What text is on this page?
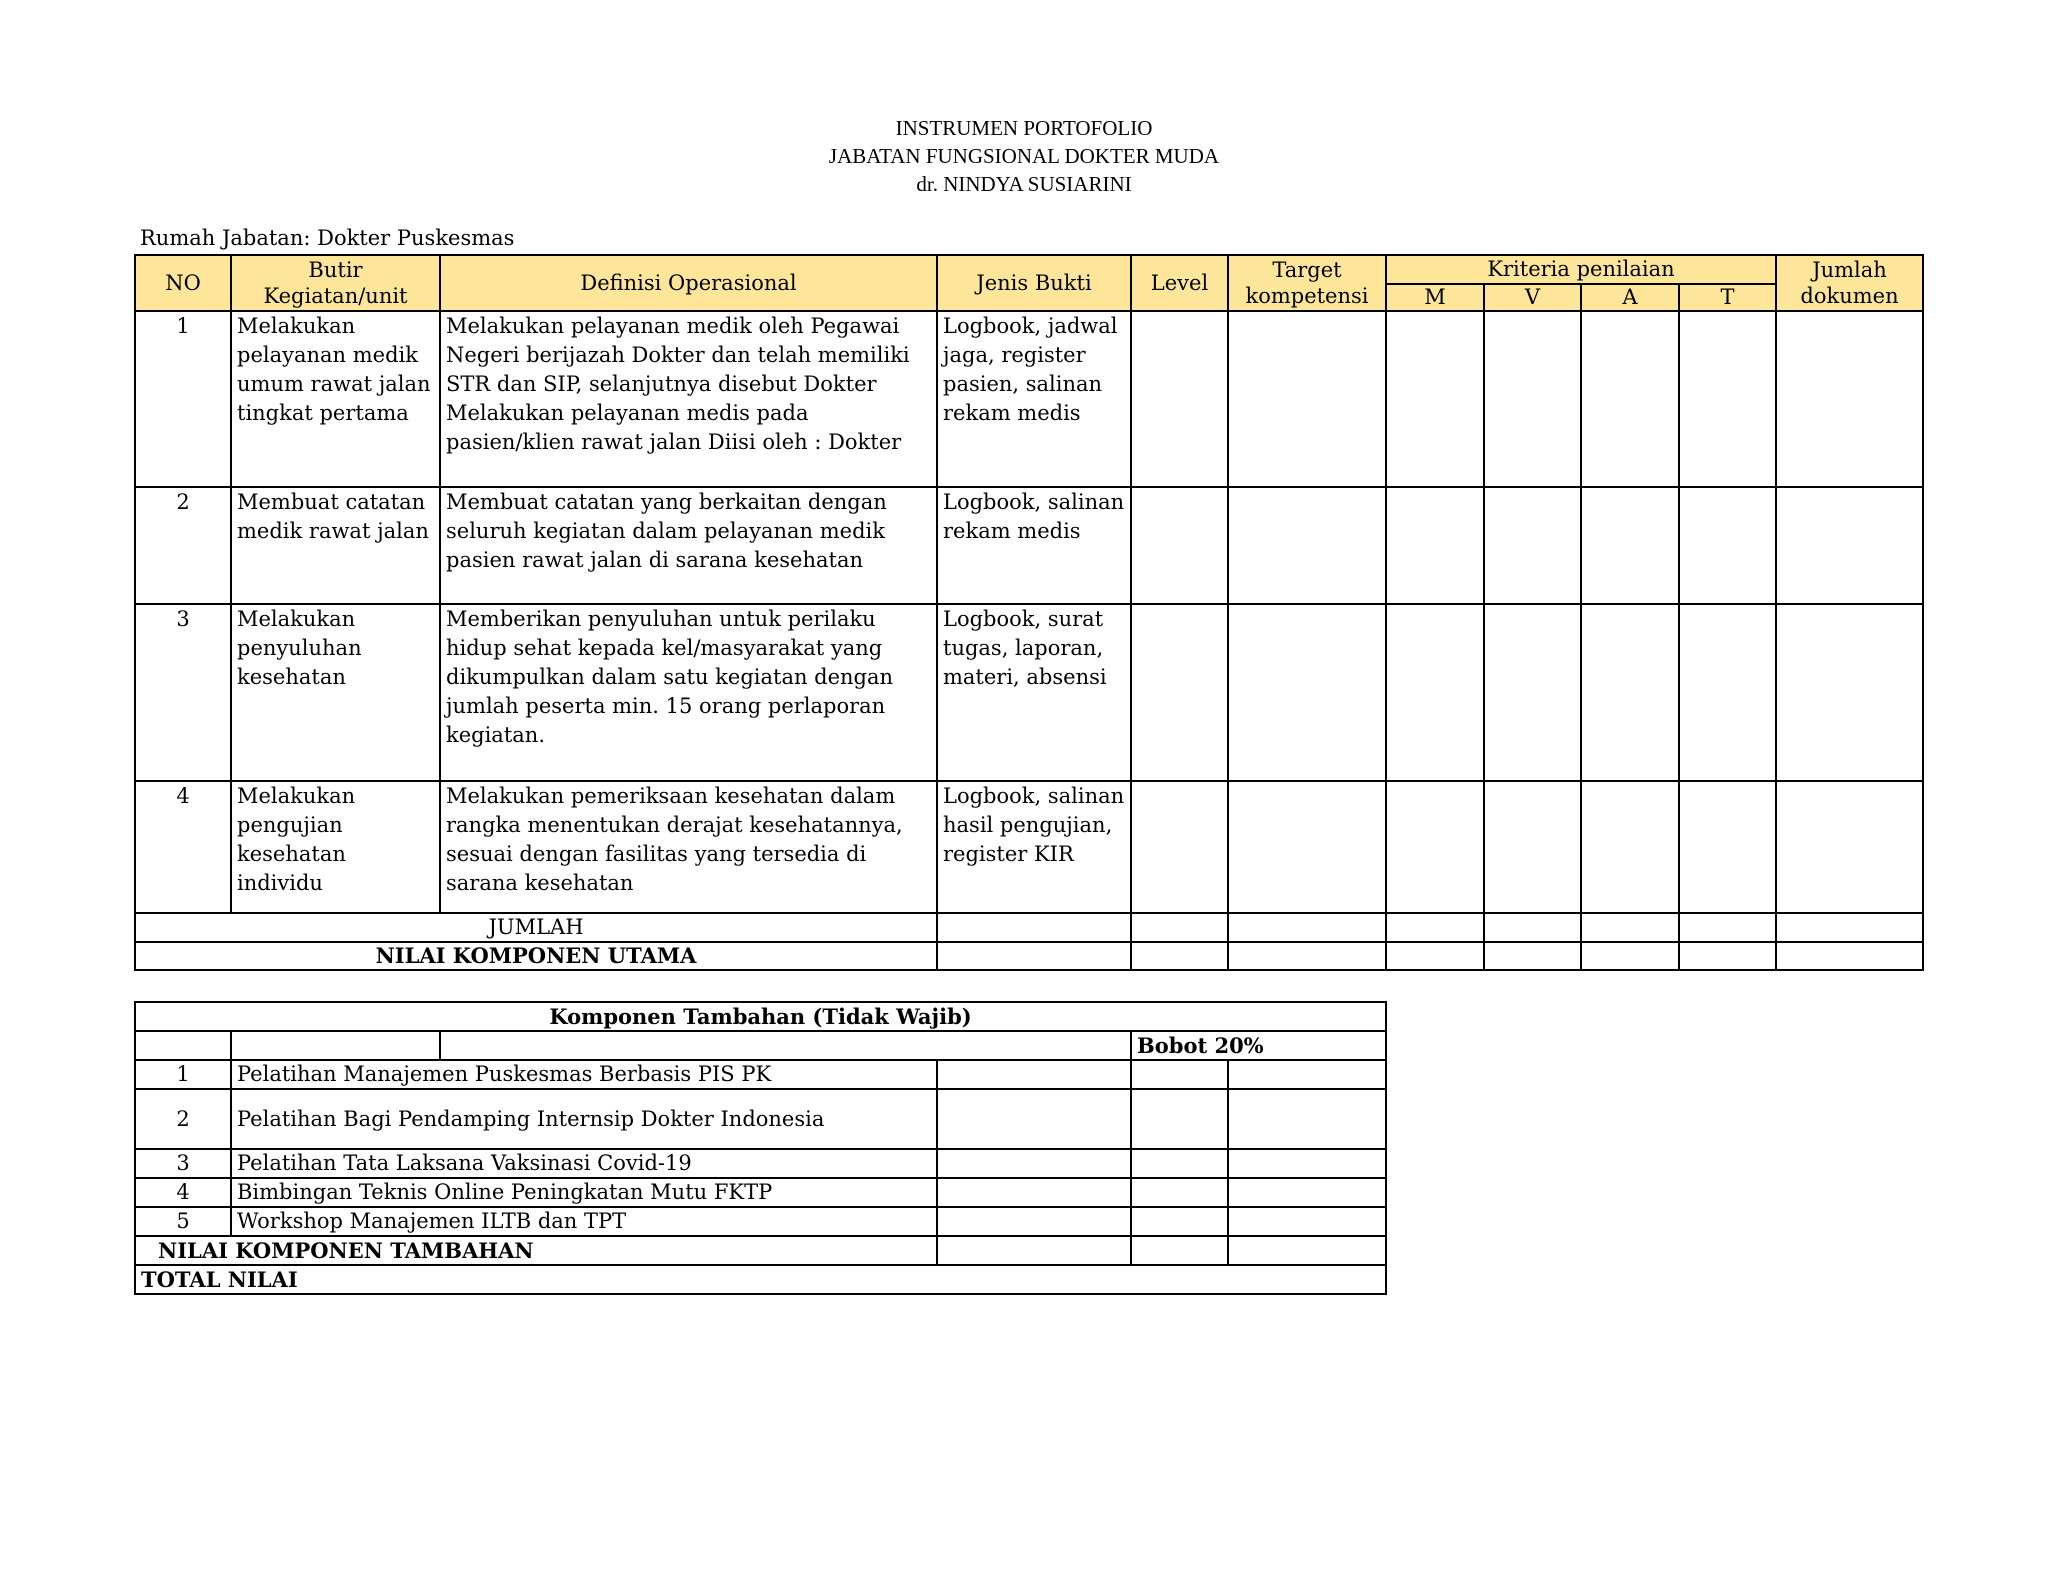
INSTRUMEN PORTOFOLIO
JABATAN FUNGSIONAL DOKTER MUDA
dr. NINDYA SUSIARINI
Rumah Jabatan: Dokter Puskesmas
NO	Butir Kegiatan/unit	Definisi Operasional	Jenis Bukti	Level	Target kompetensi	Kriteria penilaian				Jumlah dokumen
						M	V	A	T	
1	Melakukan pelayanan medik umum rawat jalan tingkat pertama	Melakukan pelayanan medik oleh Pegawai Negeri berijazah Dokter dan telah memiliki STR dan SIP, selanjutnya disebut Dokter Melakukan pelayanan medis pada pasien/klien rawat jalan Diisi oleh : Dokter	Logbook, jadwal jaga, register pasien, salinan rekam medis							
2	Membuat catatan medik rawat jalan	Membuat catatan yang berkaitan dengan seluruh kegiatan dalam pelayanan medik pasien rawat jalan di sarana kesehatan	Logbook, salinan rekam medis							
3	Melakukan penyuluhan kesehatan	Memberikan penyuluhan untuk perilaku hidup sehat kepada kel/masyarakat yang dikumpulkan dalam satu kegiatan dengan jumlah peserta min. 15 orang perlaporan kegiatan.	Logbook, surat tugas, laporan, materi, absensi							
4	Melakukan pengujian kesehatan individu	Melakukan pemeriksaan kesehatan dalam rangka menentukan derajat kesehatannya, sesuai dengan fasilitas yang tersedia di sarana kesehatan	Logbook, salinan hasil pengujian, register KIR							
JUMLAH										
NILAI KOMPONEN UTAMA										
Komponen Tambahan (Tidak Wajib)					
				Bobot 20%	
1	Pelatihan Manajemen Puskesmas Berbasis PIS PK				
2	Pelatihan Bagi Pendamping Internsip Dokter Indonesia				
3	Pelatihan Tata Laksana Vaksinasi Covid-19				
4	Bimbingan Teknis Online Peningkatan Mutu FKTP				
5	Workshop Manajemen ILTB dan TPT				
NILAI KOMPONEN TAMBAHAN					
TOTAL NILAI					
